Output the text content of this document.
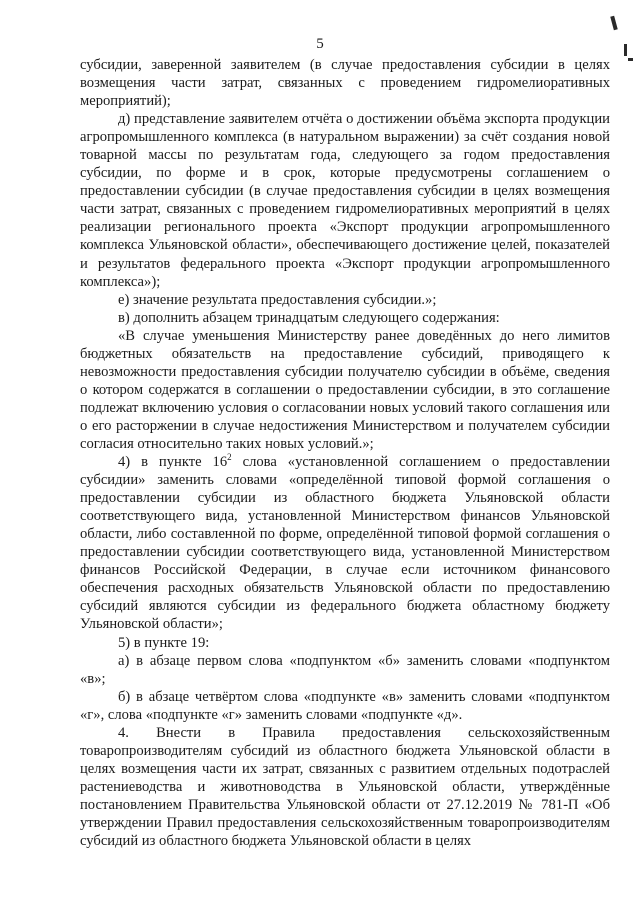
5

субсидии, заверенной заявителем (в случае предоставления субсидии в целях возмещения части затрат, связанных с проведением гидромелиоративных мероприятий);

д) представление заявителем отчёта о достижении объёма экспорта продукции агропромышленного комплекса (в натуральном выражении) за счёт создания новой товарной массы по результатам года, следующего за годом предоставления субсидии, по форме и в срок, которые предусмотрены соглашением о предоставлении субсидии (в случае предоставления субсидии в целях возмещения части затрат, связанных с проведением гидромелиоративных мероприятий в целях реализации регионального проекта «Экспорт продукции агропромышленного комплекса Ульяновской области», обеспечивающего достижение целей, показателей и результатов федерального проекта «Экспорт продукции агропромышленного комплекса»);

е) значение результата предоставления субсидии.»;

в) дополнить абзацем тринадцатым следующего содержания:

«В случае уменьшения Министерству ранее доведённых до него лимитов бюджетных обязательств на предоставление субсидий, приводящего к невозможности предоставления субсидии получателю субсидии в объёме, сведения о котором содержатся в соглашении о предоставлении субсидии, в это соглашение подлежат включению условия о согласовании новых условий такого соглашения или о его расторжении в случае недостижения Министерством и получателем субсидии согласия относительно таких новых условий.»;

4) в пункте $16^2$ слова «установленной соглашением о предоставлении субсидии» заменить словами «определённой типовой формой соглашения о предоставлении субсидии из областного бюджета Ульяновской области соответствующего вида, установленной Министерством финансов Ульяновской области, либо составленной по форме, определённой типовой формой соглашения о предоставлении субсидии соответствующего вида, установленной Министерством финансов Российской Федерации, в случае если источником финансового обеспечения расходных обязательств Ульяновской области по предоставлению субсидий являются субсидии из федерального бюджета областному бюджету Ульяновской области»;

5) в пункте 19:

а) в абзаце первом слова «подпунктом «б» заменить словами «подпунктом «в»;

б) в абзаце четвёртом слова «подпункте «в» заменить словами «подпунктом «г», слова «подпункте «г» заменить словами «подпункте «д».

4. Внести в Правила предоставления сельскохозяйственным товаропроизводителям субсидий из областного бюджета Ульяновской области в целях возмещения части их затрат, связанных с развитием отдельных подотраслей растениеводства и животноводства в Ульяновской области, утверждённые постановлением Правительства Ульяновской области от 27.12.2019 № 781-П «Об утверждении Правил предоставления сельскохозяйственным товаропроизводителям субсидий из областного бюджета Ульяновской области в целях
